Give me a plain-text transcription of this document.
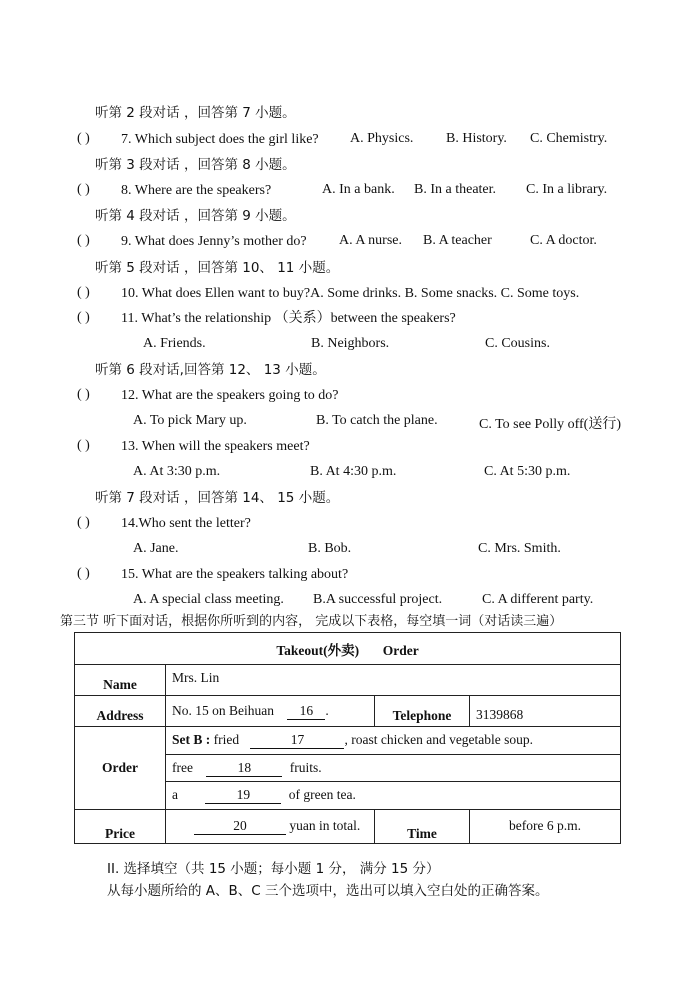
听第 2 段对话 ，回答第 7 小题。
( ) 7. Which subject does the girl like? A. Physics. B. History. C. Chemistry.
听第 3 段对话 ，回答第 8 小题。
( ) 8. Where are the speakers?	A. In a bank. B. In a theater. C. In a library.
听第 4 段对话 ，回答第 9 小题。
( ) 9. What does Jenny’s mother do? A. A nurse. B. A teacher	C. A doctor.
听第 5 段对话 ，回答第 10、 11 小题。
( ) 10. What does Ellen want to buy?A. Some drinks. B. Some snacks. C. Some toys.
( ) 11. What’s the relationship （关系）between the speakers?
A. Friends.	B. Neighbors.	C. Cousins.
听第 6 段对话,回答第 12、 13 小题。
( ) 12. What are the speakers going to do?
A. To pick Mary up.	B. To catch the plane.	C. To see Polly off(送行)
( ) 13. When will the speakers meet?
A. At 3:30 p.m.	B. At 4:30 p.m.	C. At 5:30 p.m.
听第 7 段对话 ，回答第 14、 15 小题。
( ) 14.Who sent the letter?
A. Jane.	B. Bob.	C. Mrs. Smith.
( ) 15. What are the speakers talking about?
A. A special class meeting. B.A successful project.	C. A different party.
第三节 听下面对话，根据你所听到的内容， 完成以下表格，每空填一词（对话读三遍）
Takeout(外卖)       Order			
Name	Mrs. Lin		
Address	No. 15 on Beihuan 16 .	Telephone	3139868
Order	Set B : fried 17 , roast chicken and vegetable soup.		
	free 18 fruits.		
	a 19 of green tea.		
Price	20 yuan in total.	Time	before 6 p.m.
II. 选择填空（共 15 小题；每小题 1 分， 满分 15 分）
从每小题所给的 A、B、C 三个选项中，选出可以填入空白处的正确答案。
